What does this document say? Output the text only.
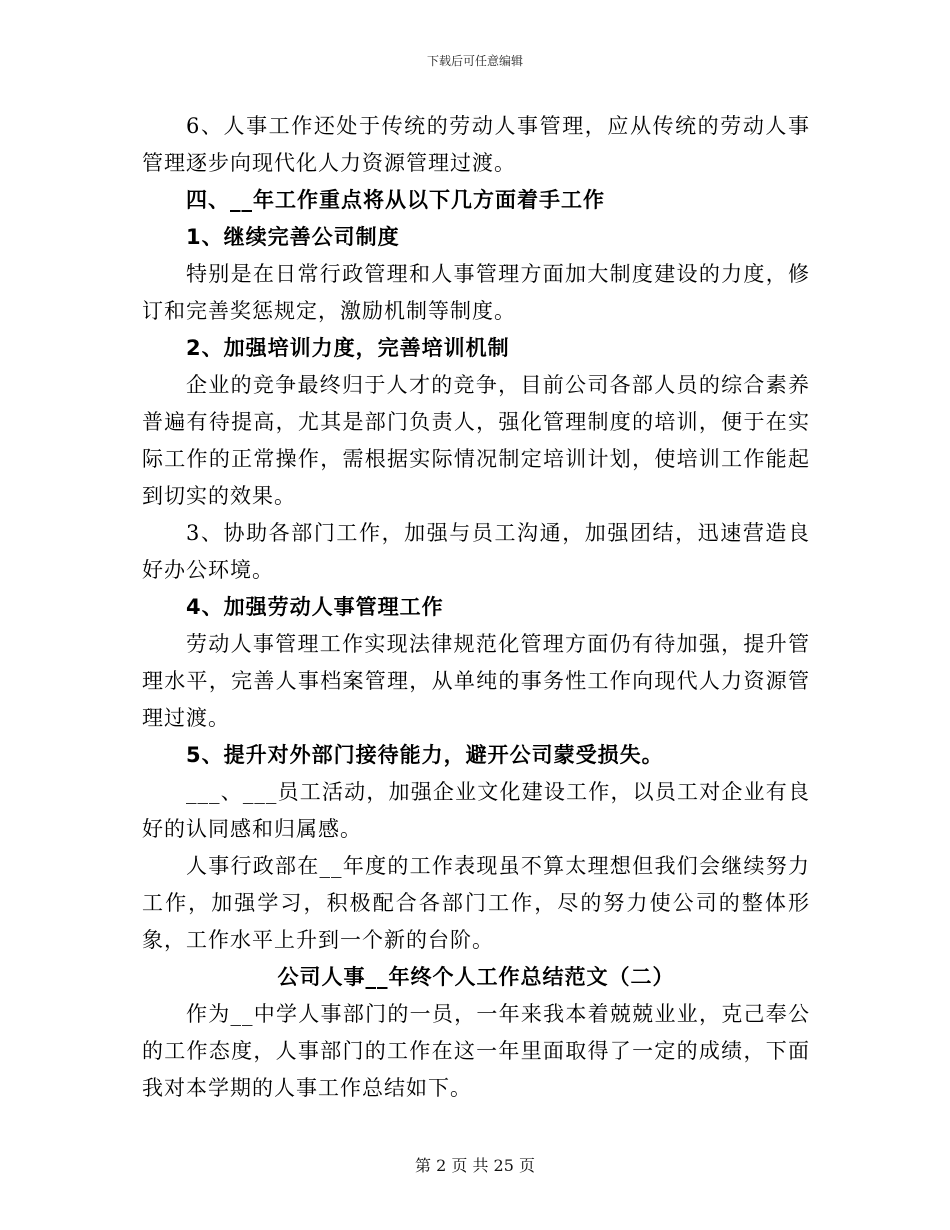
下载后可任意编辑
6、人事工作还处于传统的劳动人事管理，应从传统的劳动人事管理逐步向现代化人力资源管理过渡。
四、__年工作重点将从以下几方面着手工作
1、继续完善公司制度
特别是在日常行政管理和人事管理方面加大制度建设的力度，修订和完善奖惩规定，激励机制等制度。
2、加强培训力度，完善培训机制
企业的竞争最终归于人才的竞争，目前公司各部人员的综合素养普遍有待提高，尤其是部门负责人，强化管理制度的培训，便于在实际工作的正常操作，需根据实际情况制定培训计划，使培训工作能起到切实的效果。
3、协助各部门工作，加强与员工沟通，加强团结，迅速营造良好办公环境。
4、加强劳动人事管理工作
劳动人事管理工作实现法律规范化管理方面仍有待加强，提升管理水平，完善人事档案管理，从单纯的事务性工作向现代人力资源管理过渡。
5、提升对外部门接待能力，避开公司蒙受损失。
___、___员工活动，加强企业文化建设工作，以员工对企业有良好的认同感和归属感。
人事行政部在__年度的工作表现虽不算太理想但我们会继续努力工作，加强学习，积极配合各部门工作，尽的努力使公司的整体形象，工作水平上升到一个新的台阶。
公司人事__年终个人工作总结范文（二）
作为__中学人事部门的一员，一年来我本着兢兢业业，克己奉公的工作态度，人事部门的工作在这一年里面取得了一定的成绩，下面我对本学期的人事工作总结如下。
第 2 页 共 25 页
